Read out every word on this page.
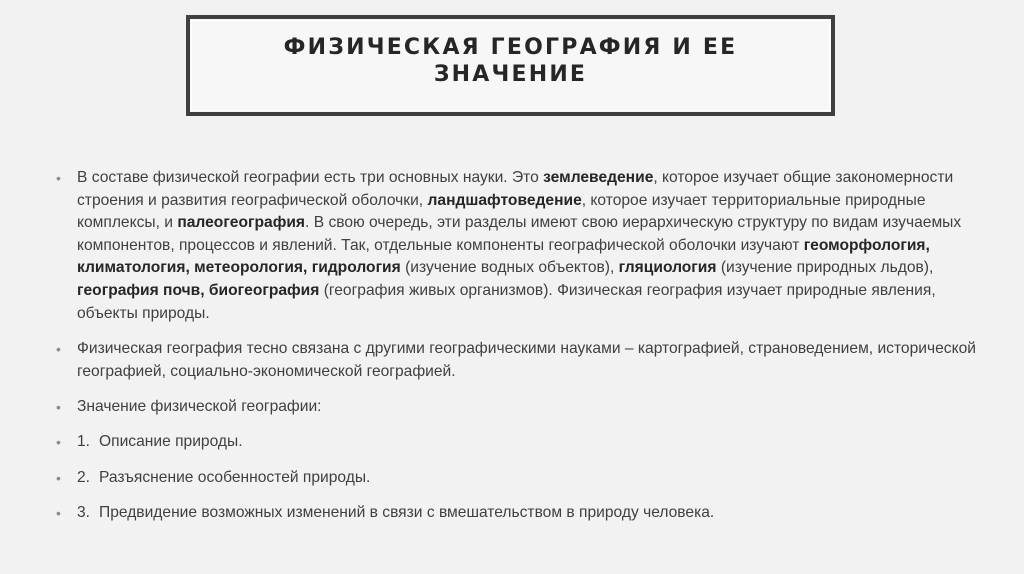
ФИЗИЧЕСКАЯ ГЕОГРАФИЯ И ЕЕ ЗНАЧЕНИЕ
• В составе физической географии есть три основных науки. Это землеведение, которое изучает общие закономерности строения и развития географической оболочки, ландшафтоведение, которое изучает территориальные природные комплексы, и палеогеография. В свою очередь, эти разделы имеют свою иерархическую структуру по видам изучаемых компонентов, процессов и явлений. Так, отдельные компоненты географической оболочки изучают геоморфология, климатология, метеорология, гидрология (изучение водных объектов), гляциология (изучение природных льдов), география почв, биогеография (география живых организмов). Физическая география изучает природные явления, объекты природы.
• Физическая география тесно связана с другими географическими науками – картографией, страноведением, исторической географией, социально-экономической географией.
• Значение физической географии:
• 1. Описание природы.
• 2. Разъяснение особенностей природы.
• 3. Предвидение возможных изменений в связи с вмешательством в природу человека.
